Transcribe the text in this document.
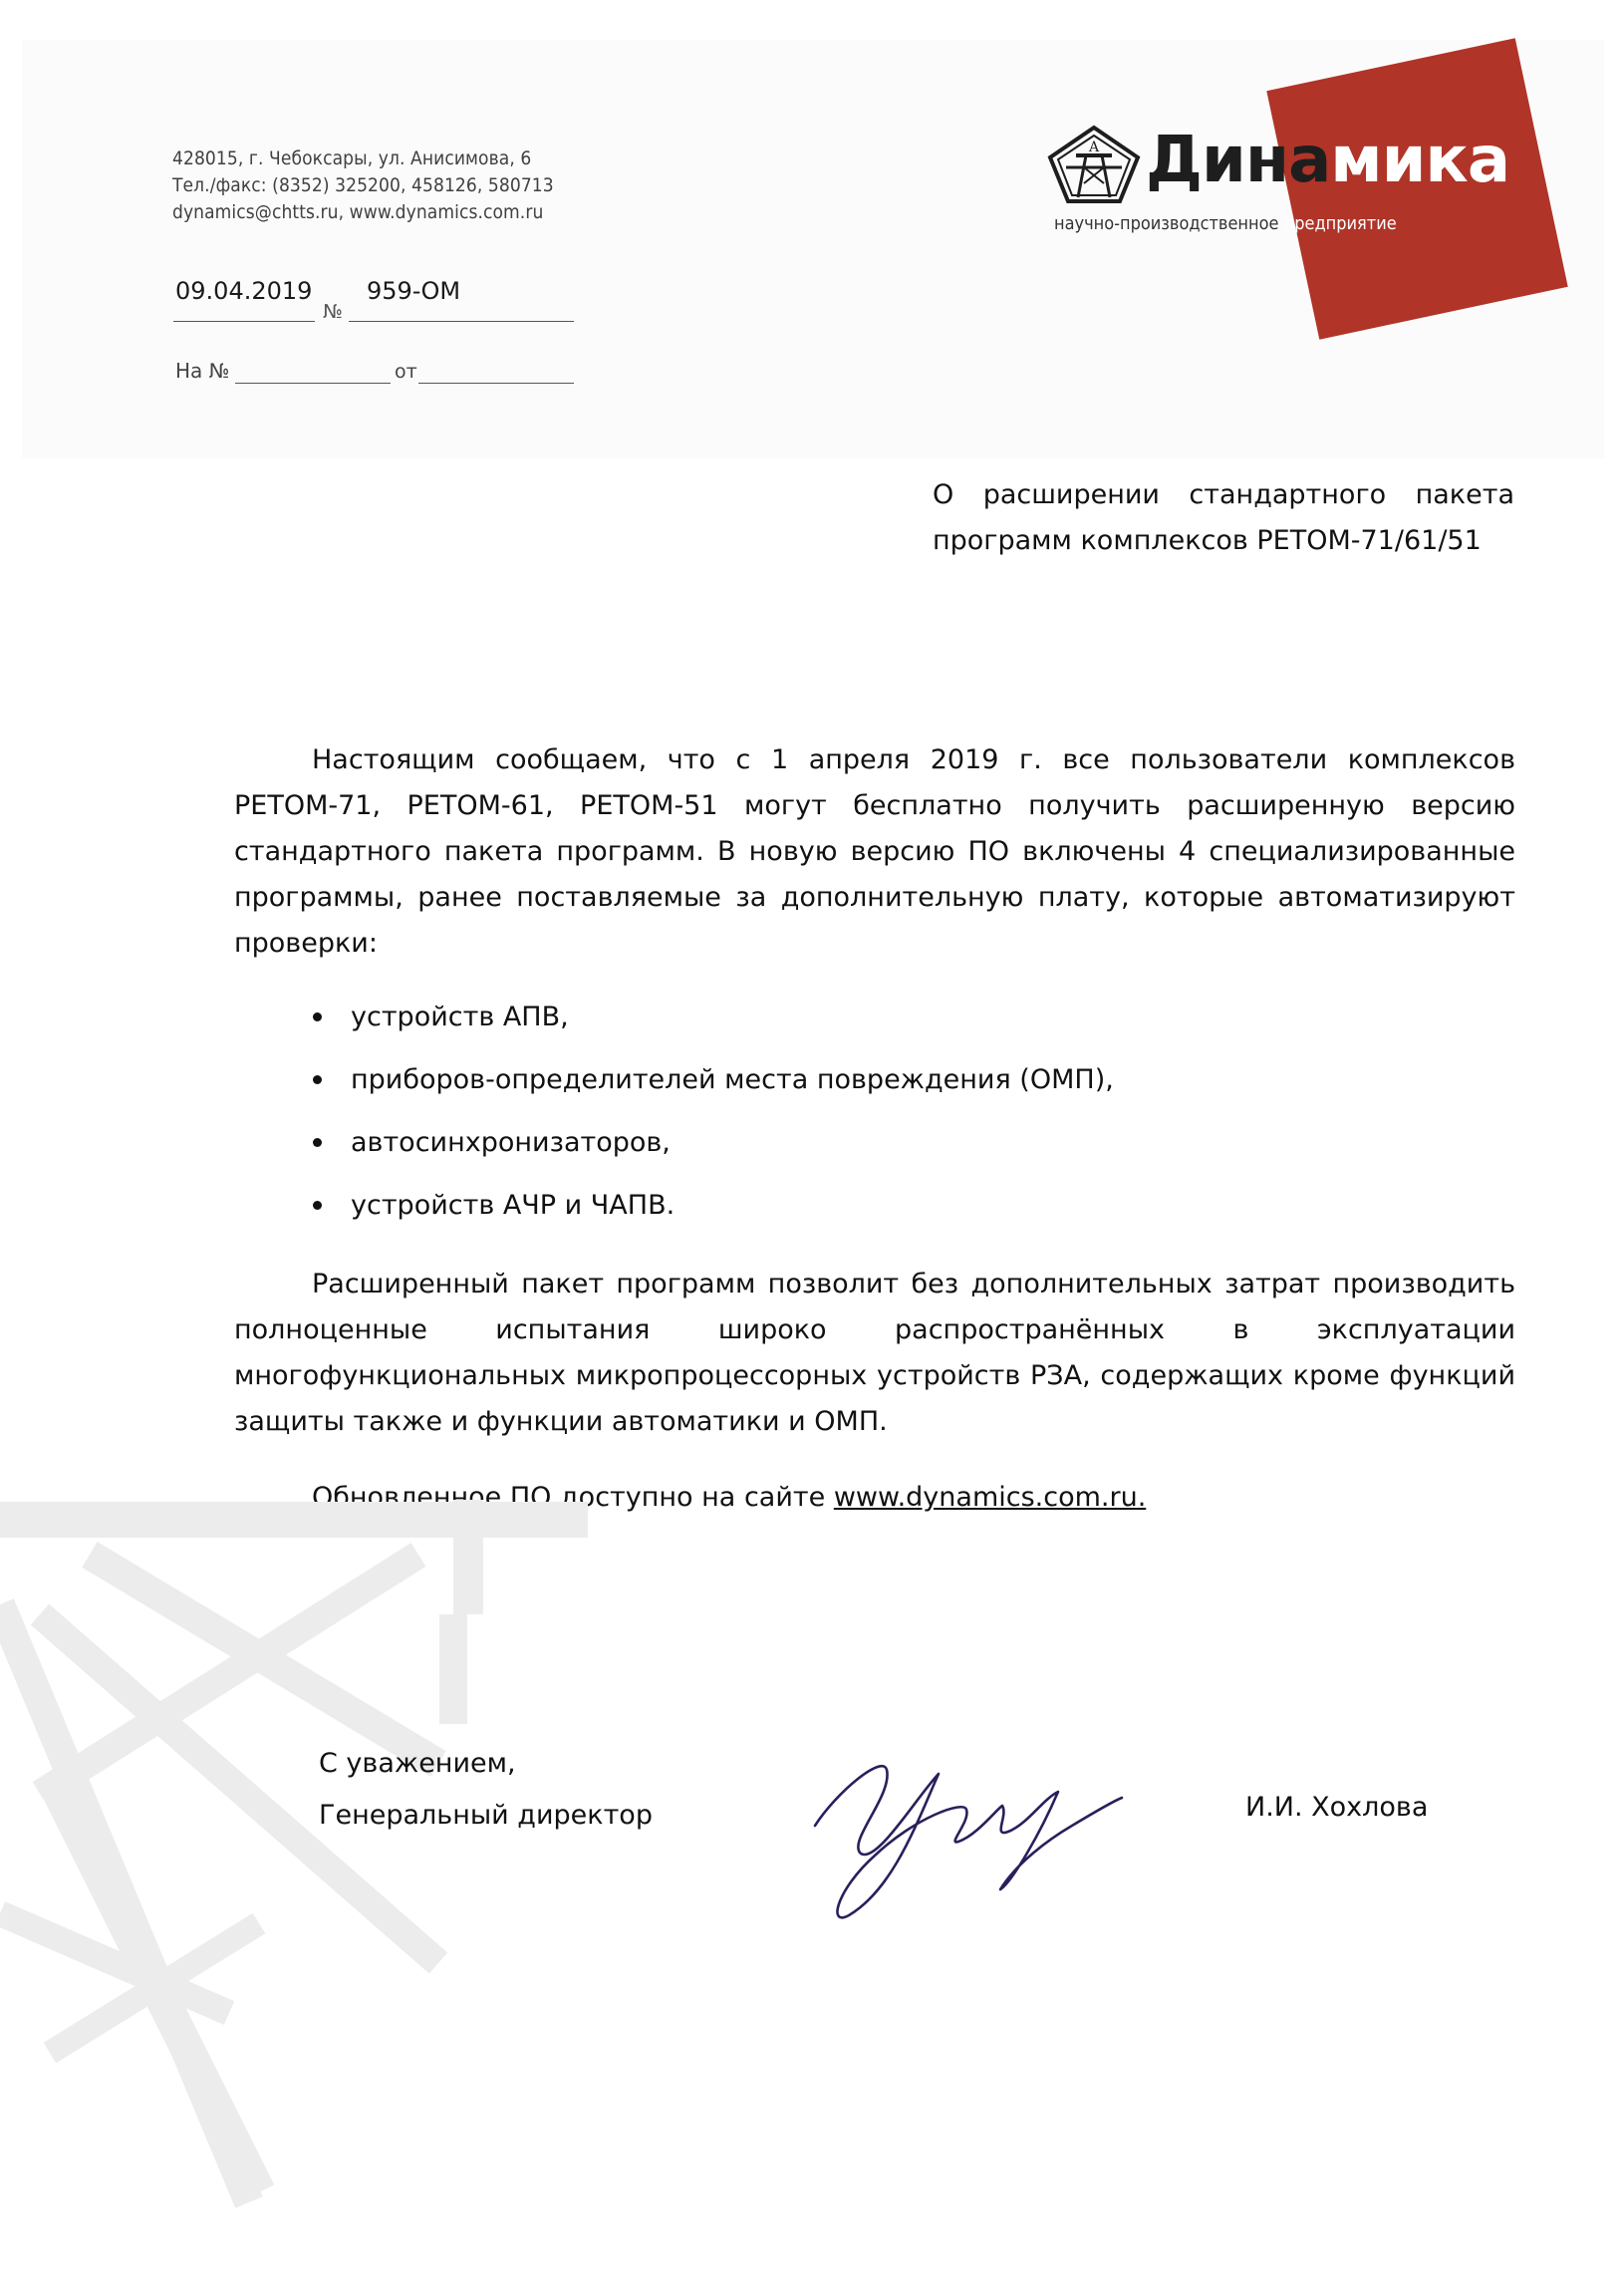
428015, г. Чебоксары, ул. Анисимова, 6
Тел./факс: (8352) 325200, 458126, 580713
dynamics@chtts.ru, www.dynamics.com.ru
09.04.2019
№
959-ОМ
На №	от
А Динамика
научно-производственное предприятие
О расширении стандартного пакета
программ комплексов РЕТОМ-71/61/51
Настоящим сообщаем, что с 1 апреля 2019 г. все пользователи комплексов РЕТОМ-71, РЕТОМ-61, РЕТОМ-51 могут бесплатно получить расширенную версию стандартного пакета программ. В новую версию ПО включены 4 специализированные программы, ранее поставляемые за дополнительную плату, которые автоматизируют проверки:
устройств АПВ,
приборов-определителей места повреждения (ОМП),
автосинхронизаторов,
устройств АЧР и ЧАПВ.
Расширенный пакет программ позволит без дополнительных затрат производить полноценные испытания широко распространённых в эксплуатации многофункциональных микропроцессорных устройств РЗА, содержащих кроме функций
защиты также и функции автоматики и ОМП.
Обновленное ПО доступно на сайте www.dynamics.com.ru.
С уважением,
Генеральный директор	И.И. Хохлова
